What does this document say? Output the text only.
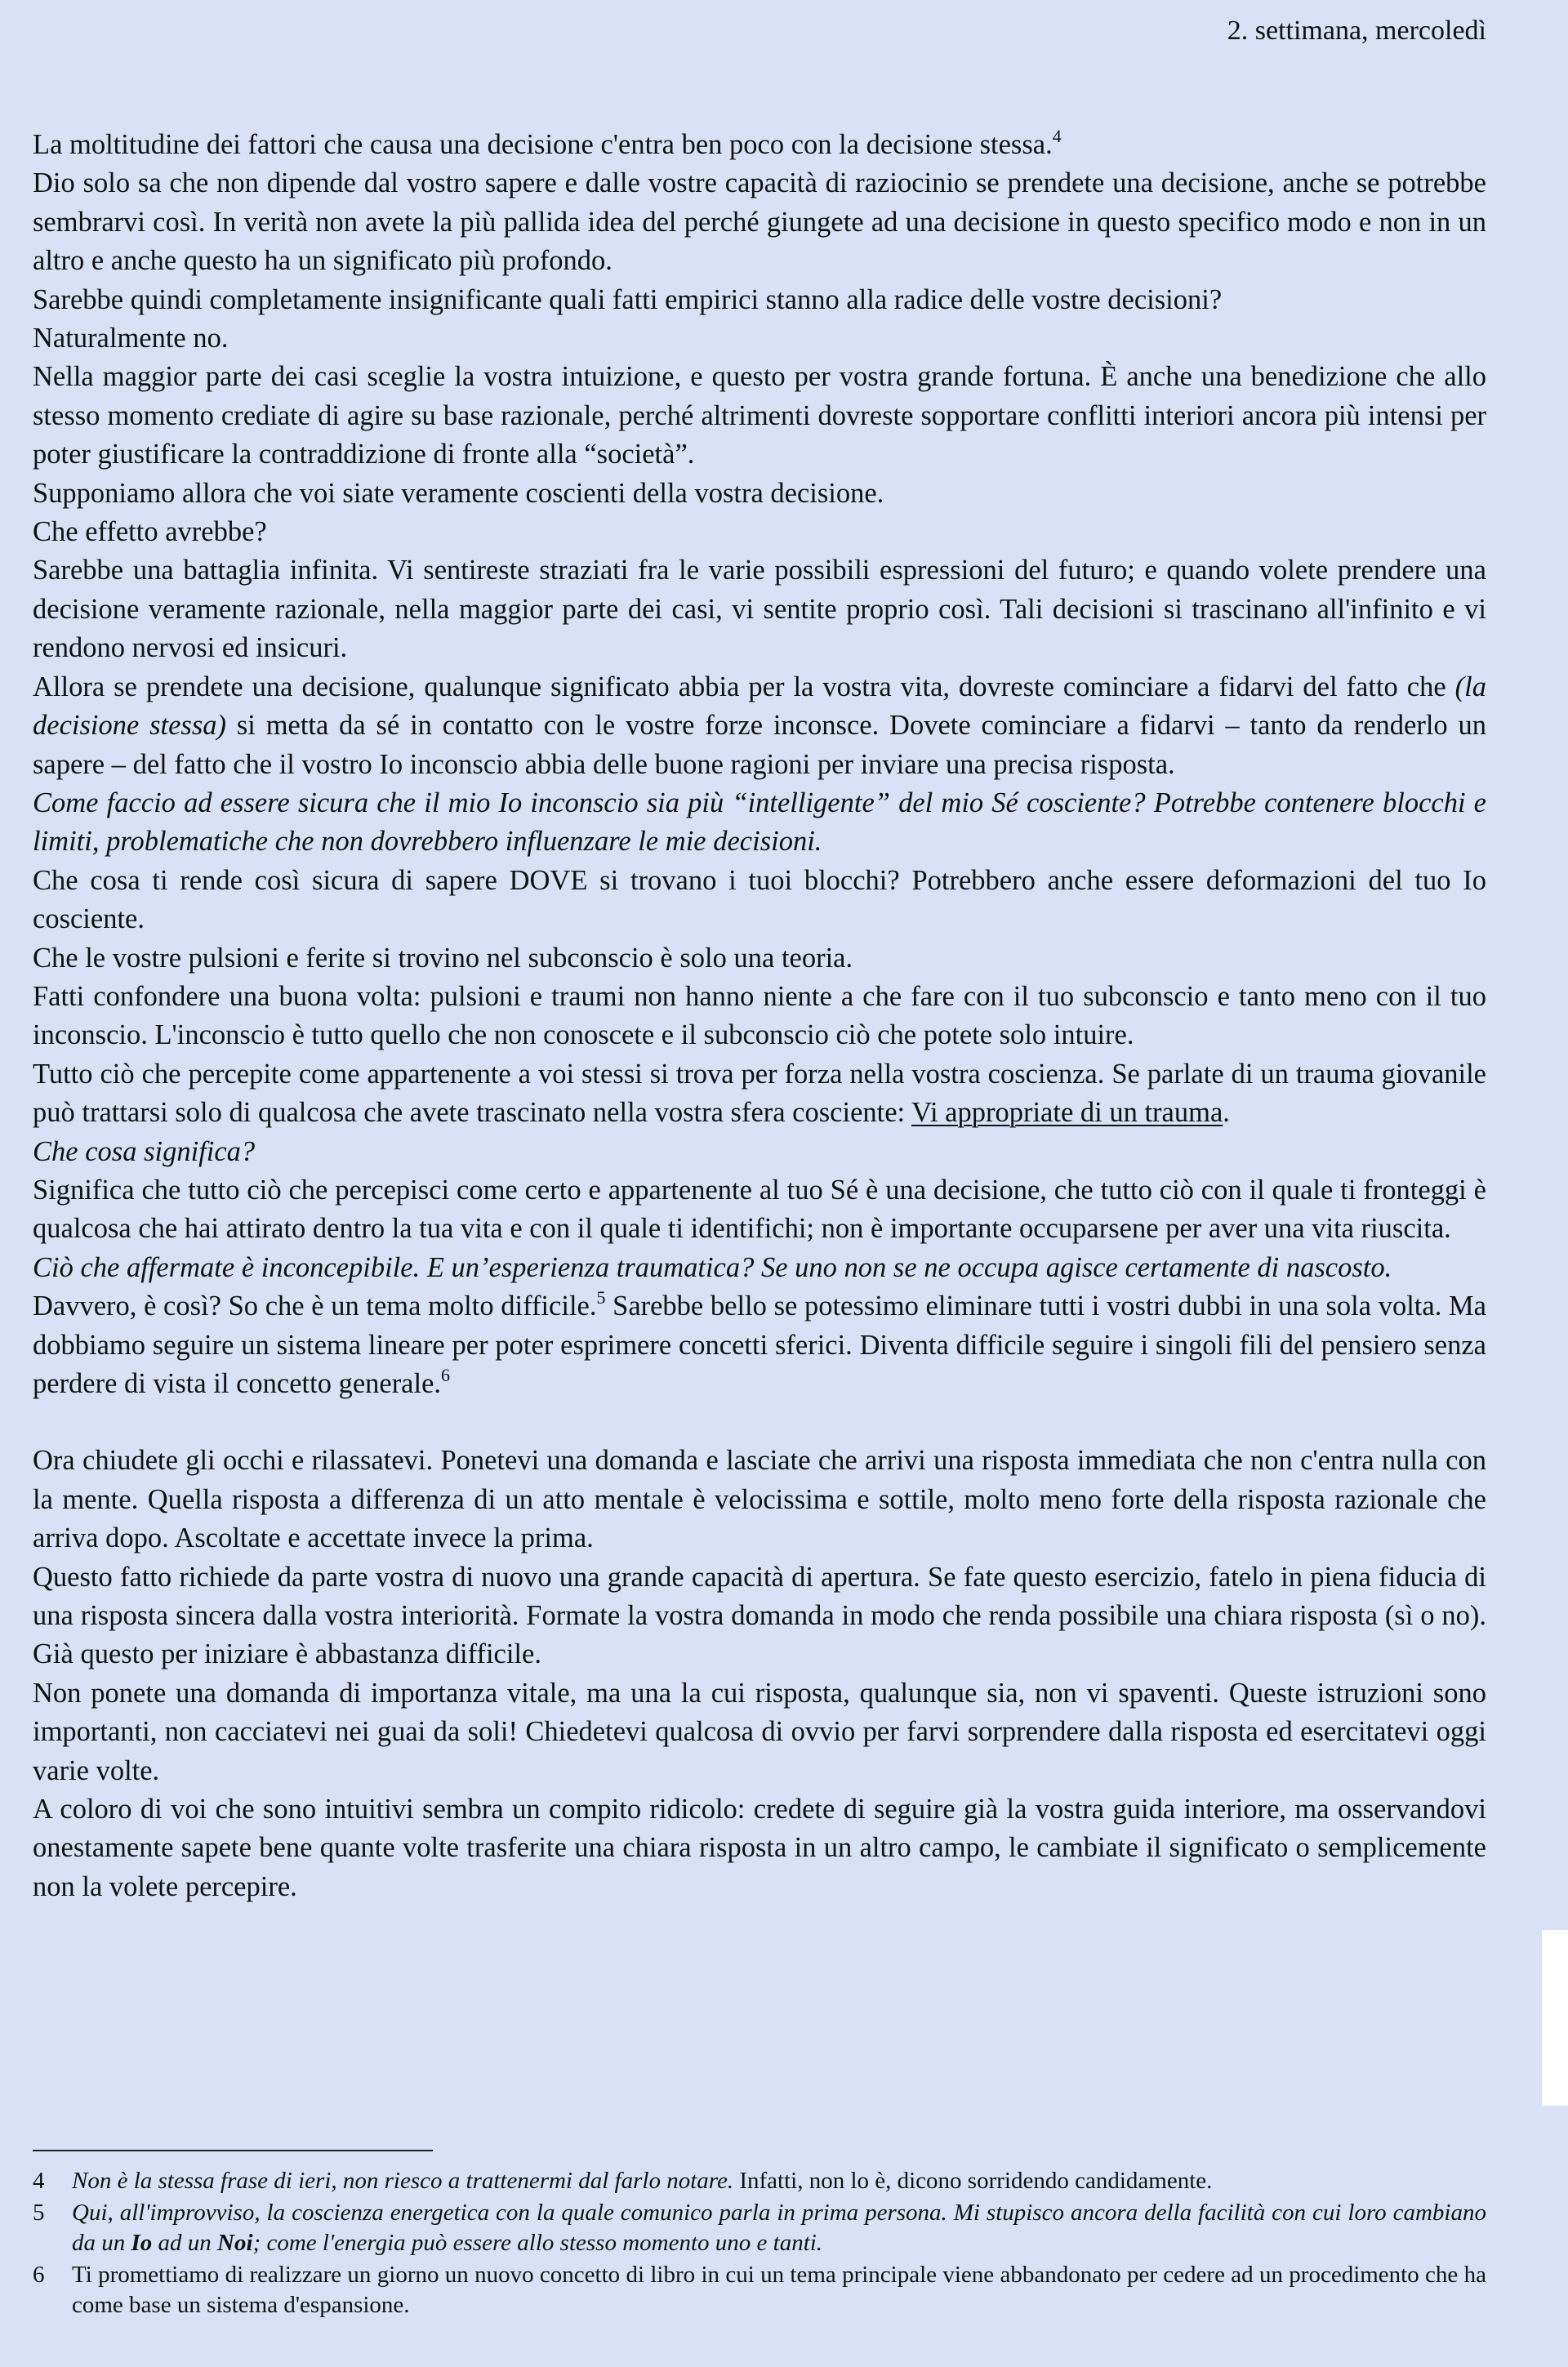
2. settimana, mercoledì

La moltitudine dei fattori che causa una decisione c'entra ben poco con la decisione stessa.$^4$

Dio solo sa che non dipende dal vostro sapere e dalle vostre capacità di raziocinio se prendete una decisione, anche se potrebbe sembrarvi così. In verità non avete la più pallida idea del perché giungete ad una decisione in questo specifico modo e non in un altro e anche questo ha un significato più profondo.

Sarebbe quindi completamente insignificante quali fatti empirici stanno alla radice delle vostre decisioni?

Naturalmente no.

Nella maggior parte dei casi sceglie la vostra intuizione, e questo per vostra grande fortuna. È anche una benedizione che allo stesso momento crediate di agire su base razionale, perché altrimenti dovreste sopportare conflitti interiori ancora più intensi per poter giustificare la contraddizione di fronte alla “società”.

Supponiamo allora che voi siate veramente coscienti della vostra decisione.

Che effetto avrebbe?

Sarebbe una battaglia infinita. Vi sentireste straziati fra le varie possibili espressioni del futuro; e quando volete prendere una decisione veramente razionale, nella maggior parte dei casi, vi sentite proprio così. Tali decisioni si trascinano all'infinito e vi rendono nervosi ed insicuri.

Allora se prendete una decisione, qualunque significato abbia per la vostra vita, dovreste cominciare a fidarvi del fatto che (la decisione stessa) si metta da sé in contatto con le vostre forze inconsce. Dovete cominciare a fidarvi – tanto da renderlo un sapere – del fatto che il vostro Io inconscio abbia delle buone ragioni per inviare una precisa risposta.

Come faccio ad essere sicura che il mio Io inconscio sia più “intelligente” del mio Sé cosciente? Potrebbe contenere blocchi e limiti, problematiche che non dovrebbero influenzare le mie decisioni.

Che cosa ti rende così sicura di sapere DOVE si trovano i tuoi blocchi? Potrebbero anche essere deformazioni del tuo Io cosciente.

Che le vostre pulsioni e ferite si trovino nel subconscio è solo una teoria.

Fatti confondere una buona volta: pulsioni e traumi non hanno niente a che fare con il tuo subconscio e tanto meno con il tuo inconscio. L'inconscio è tutto quello che non conoscete e il subconscio ciò che potete solo intuire.

Tutto ciò che percepite come appartenente a voi stessi si trova per forza nella vostra coscienza. Se parlate di un trauma giovanile può trattarsi solo di qualcosa che avete trascinato nella vostra sfera cosciente: Vi appropriate di un trauma.

Che cosa significa?

Significa che tutto ciò che percepisci come certo e appartenente al tuo Sé è una decisione, che tutto ciò con il quale ti fronteggi è qualcosa che hai attirato dentro la tua vita e con il quale ti identifichi; non è importante occuparsene per aver una vita riuscita.

Ciò che affermate è inconcepibile. E un’esperienza traumatica? Se uno non se ne occupa agisce certamente di nascosto.

Davvero, è così? So che è un tema molto difficile.$^5$ Sarebbe bello se potessimo eliminare tutti i vostri dubbi in una sola volta. Ma dobbiamo seguire un sistema lineare per poter esprimere concetti sferici. Diventa difficile seguire i singoli fili del pensiero senza perdere di vista il concetto generale.$^6$

Ora chiudete gli occhi e rilassatevi. Ponetevi una domanda e lasciate che arrivi una risposta immediata che non c'entra nulla con la mente. Quella risposta a differenza di un atto mentale è velocissima e sottile, molto meno forte della risposta razionale che arriva dopo. Ascoltate e accettate invece la prima.

Questo fatto richiede da parte vostra di nuovo una grande capacità di apertura. Se fate questo esercizio, fatelo in piena fiducia di una risposta sincera dalla vostra interiorità. Formate la vostra domanda in modo che renda possibile una chiara risposta (sì o no). Già questo per iniziare è abbastanza difficile.

Non ponete una domanda di importanza vitale, ma una la cui risposta, qualunque sia, non vi spaventi. Queste istruzioni sono importanti, non cacciatevi nei guai da soli! Chiedetevi qualcosa di ovvio per farvi sorprendere dalla risposta ed esercitatevi oggi varie volte.

A coloro di voi che sono intuitivi sembra un compito ridicolo: credete di seguire già la vostra guida interiore, ma osservandovi onestamente sapete bene quante volte trasferite una chiara risposta in un altro campo, le cambiate il significato o semplicemente non la volete percepire.

4	Non è la stessa frase di ieri, non riesco a trattenermi dal farlo notare. Infatti, non lo è, dicono sorridendo candidamente.
5	Qui, all'improvviso, la coscienza energetica con la quale comunico parla in prima persona. Mi stupisco ancora della facilità con cui loro cambiano da un Io ad un Noi; come l'energia può essere allo stesso momento uno e tanti.
6	Ti promettiamo di realizzare un giorno un nuovo concetto di libro in cui un tema principale viene abbandonato per cedere ad un procedimento che ha come base un sistema d'espansione.
